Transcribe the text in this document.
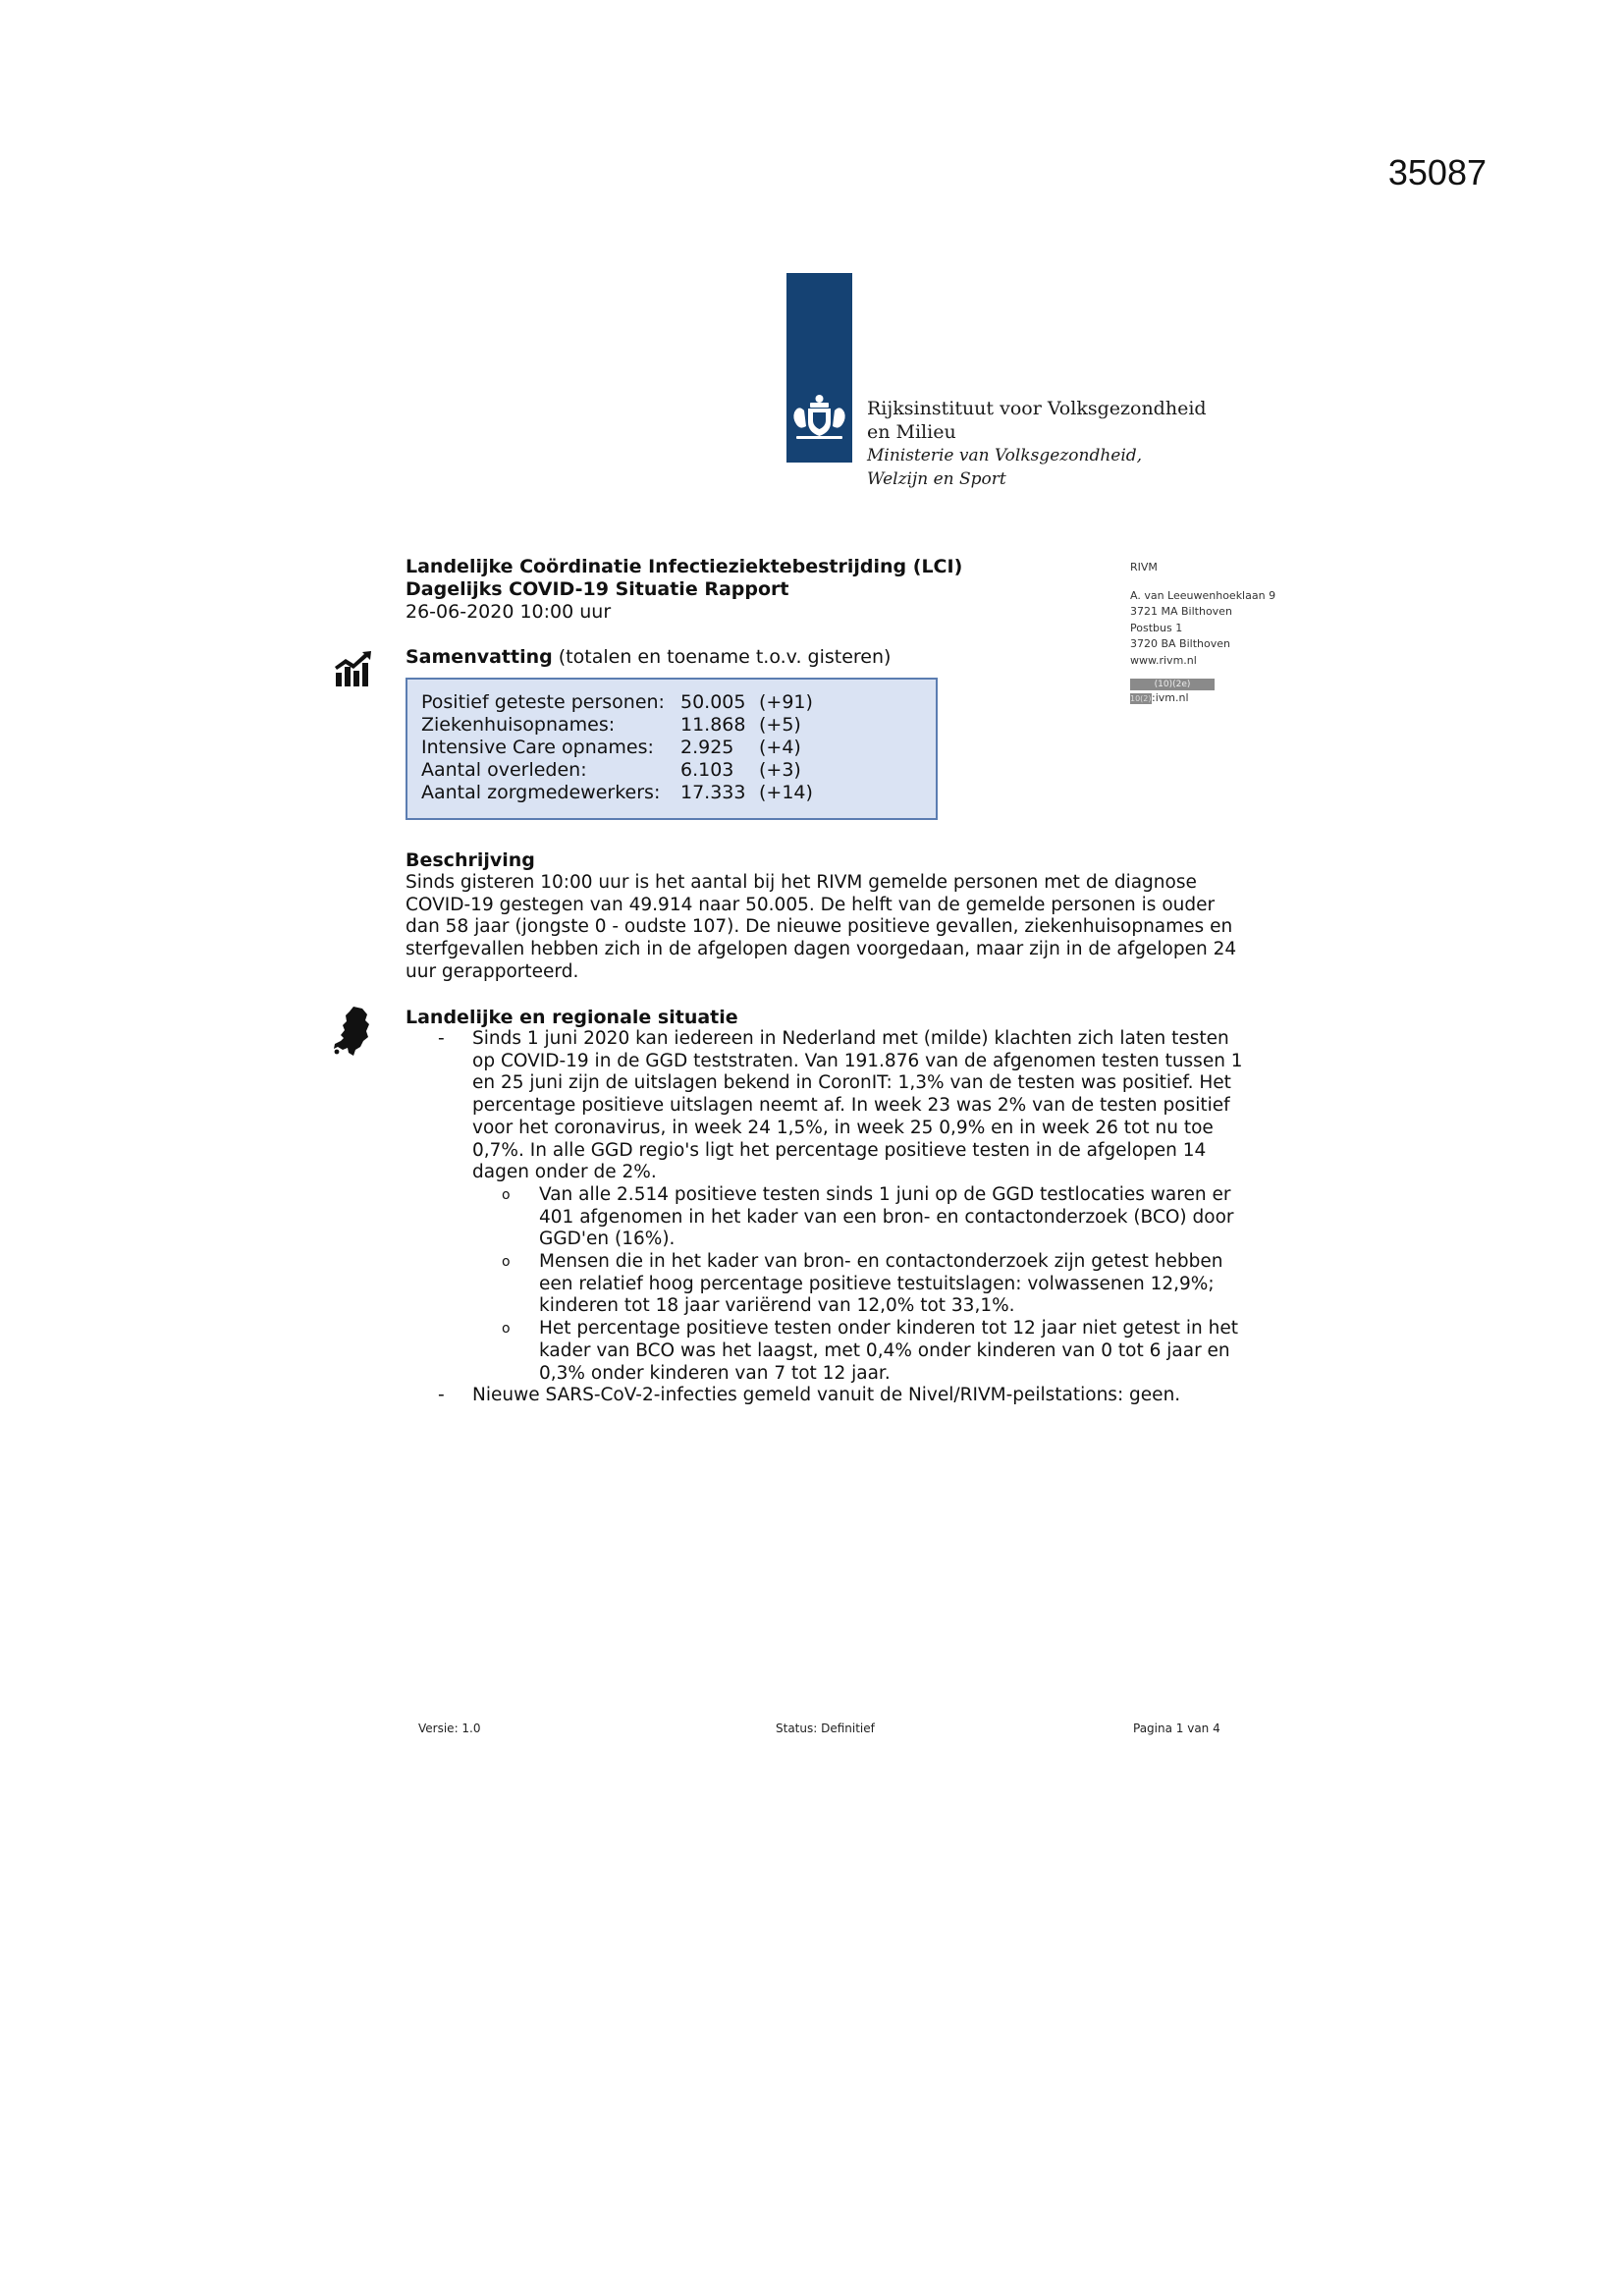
35087
Rijksinstituut voor Volksgezondheid
en Milieu
Ministerie van Volksgezondheid,
Welzijn en Sport
Landelijke Coördinatie Infectieziektebestrijding (LCI)
Dagelijks COVID-19 Situatie Rapport
26-06-2020 10:00 uur
RIVM
A. van Leeuwenhoeklaan 9
3721 MA Bilthoven
Postbus 1
3720 BA Bilthoven
www.rivm.nl
(10)(2e)
10(2):ivm.nl
Samenvatting (totalen en toename t.o.v. gisteren)
Positief geteste personen: 50.005 (+91)
Ziekenhuisopnames:	11.868 (+5)
Intensive Care opnames:	2.925	(+4)
Aantal overleden:	6.103	(+3)
Aantal zorgmedewerkers:	17.333 (+14)
Beschrijving
Sinds gisteren 10:00 uur is het aantal bij het RIVM gemelde personen met de diagnose COVID-19 gestegen van 49.914 naar 50.005. De helft van de gemelde personen is ouder dan 58 jaar (jongste 0 - oudste 107). De nieuwe positieve gevallen, ziekenhuisopnames en sterfgevallen hebben zich in de afgelopen dagen voorgedaan, maar zijn in de afgelopen 24 uur gerapporteerd.
Landelijke en regionale situatie
- Sinds 1 juni 2020 kan iedereen in Nederland met (milde) klachten zich laten testen op COVID-19 in de GGD teststraten. Van 191.876 van de afgenomen testen tussen 1 en 25 juni zijn de uitslagen bekend in CoronIT: 1,3% van de testen was positief. Het percentage positieve uitslagen neemt af. In week 23 was 2% van de testen positief voor het coronavirus, in week 24 1,5%, in week 25 0,9% en in week 26 tot nu toe 0,7%. In alle GGD regio's ligt het percentage positieve testen in de afgelopen 14 dagen onder de 2%.
o Van alle 2.514 positieve testen sinds 1 juni op de GGD testlocaties waren er 401 afgenomen in het kader van een bron- en contactonderzoek (BCO) door GGD'en (16%).
o Mensen die in het kader van bron- en contactonderzoek zijn getest hebben een relatief hoog percentage positieve testuitslagen: volwassenen 12,9%; kinderen tot 18 jaar variërend van 12,0% tot 33,1%.
o Het percentage positieve testen onder kinderen tot 12 jaar niet getest in het kader van BCO was het laagst, met 0,4% onder kinderen van 0 tot 6 jaar en 0,3% onder kinderen van 7 tot 12 jaar.
- Nieuwe SARS-CoV-2-infecties gemeld vanuit de Nivel/RIVM-peilstations: geen.
Versie: 1.0	Status: Definitief	Pagina 1 van 4
